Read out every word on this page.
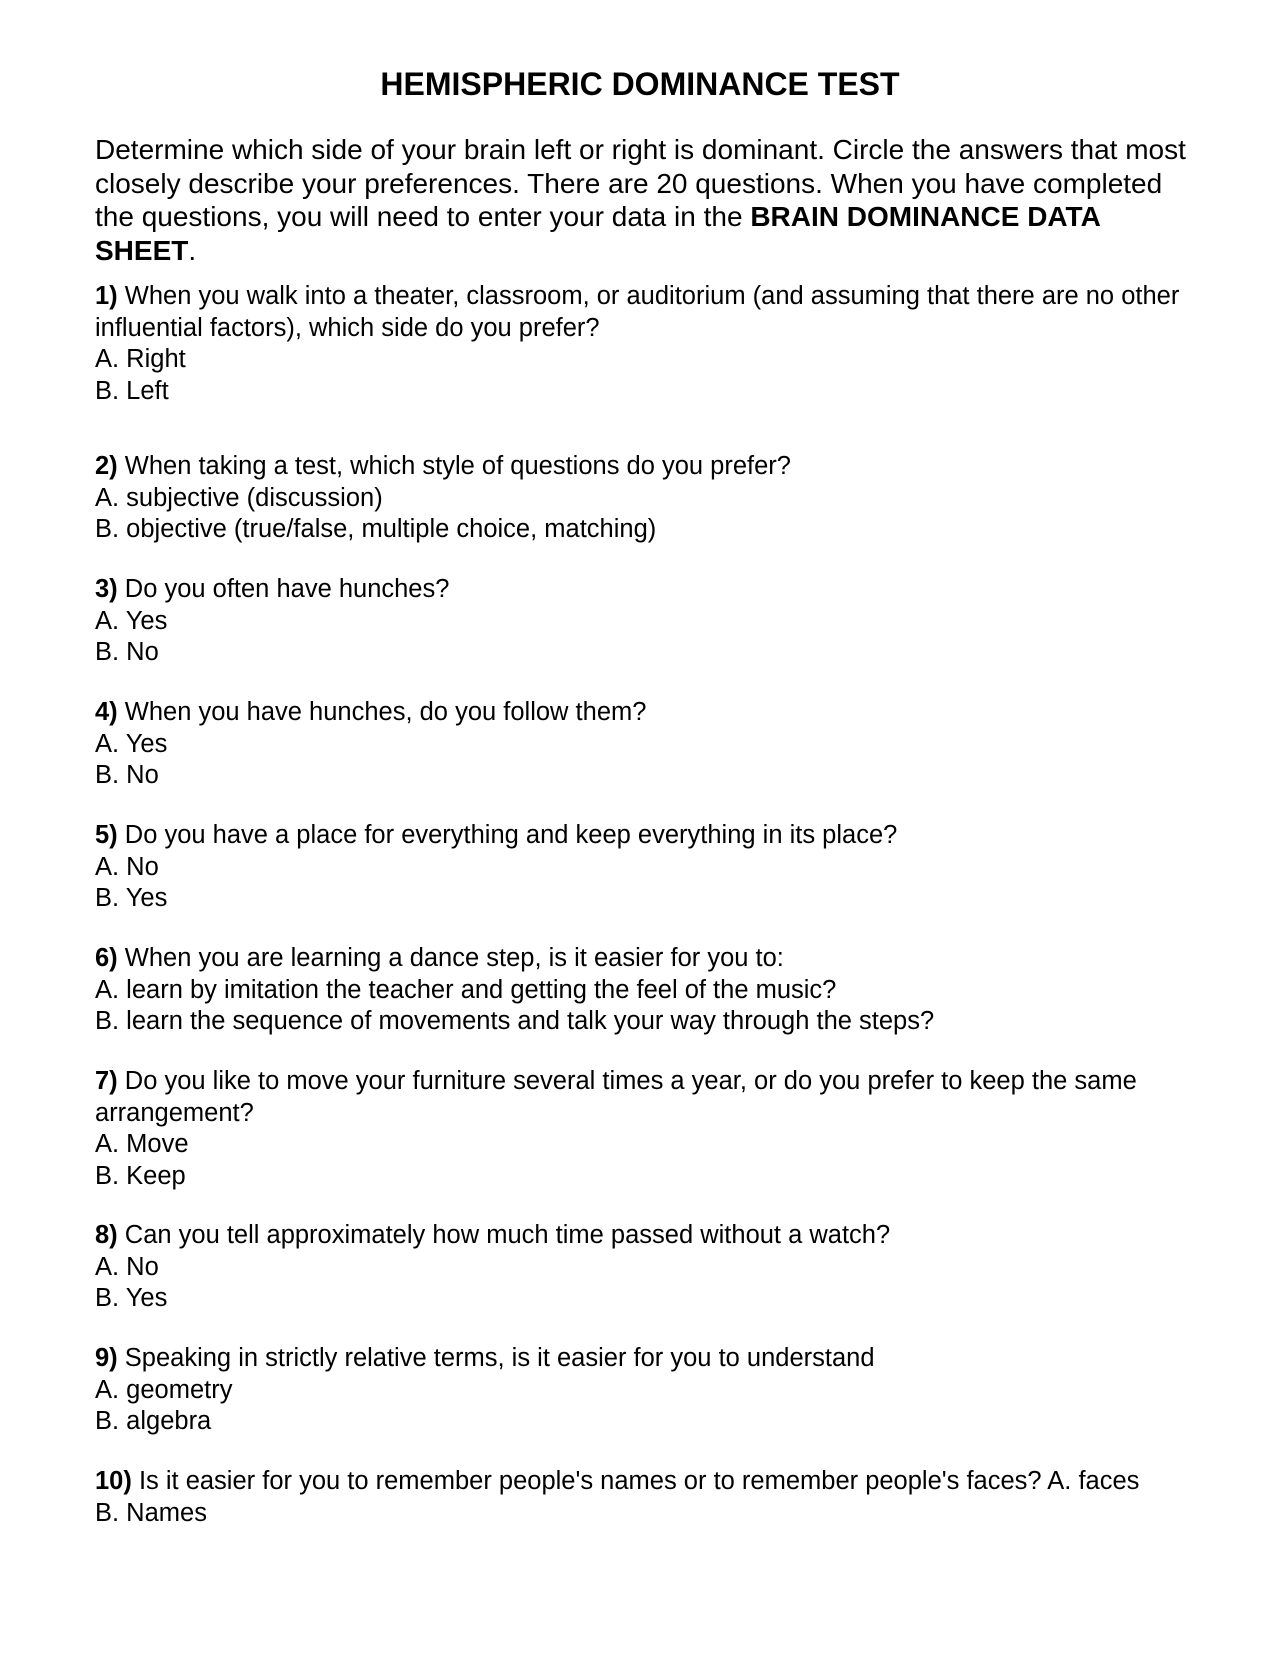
HEMISPHERIC DOMINANCE TEST

Determine which side of your brain left or right is dominant. Circle the answers that most closely describe your preferences. There are 20 questions. When you have completed the questions, you will need to enter your data in the BRAIN DOMINANCE DATA SHEET.

1) When you walk into a theater, classroom, or auditorium (and assuming that there are no other influential factors), which side do you prefer?

A. Right

B. Left

2) When taking a test, which style of questions do you prefer?

A. subjective (discussion)

B. objective (true/false, multiple choice, matching)

3) Do you often have hunches?

A. Yes

B. No

4) When you have hunches, do you follow them?

A. Yes

B. No

5) Do you have a place for everything and keep everything in its place?

A. No

B. Yes

6) When you are learning a dance step, is it easier for you to:

A. learn by imitation the teacher and getting the feel of the music?

B. learn the sequence of movements and talk your way through the steps?

7) Do you like to move your furniture several times a year, or do you prefer to keep the same arrangement?

A. Move

B. Keep

8) Can you tell approximately how much time passed without a watch?

A. No

B. Yes

9) Speaking in strictly relative terms, is it easier for you to understand

A. geometry

B. algebra

10) Is it easier for you to remember people's names or to remember people's faces? A. faces

B. Names
